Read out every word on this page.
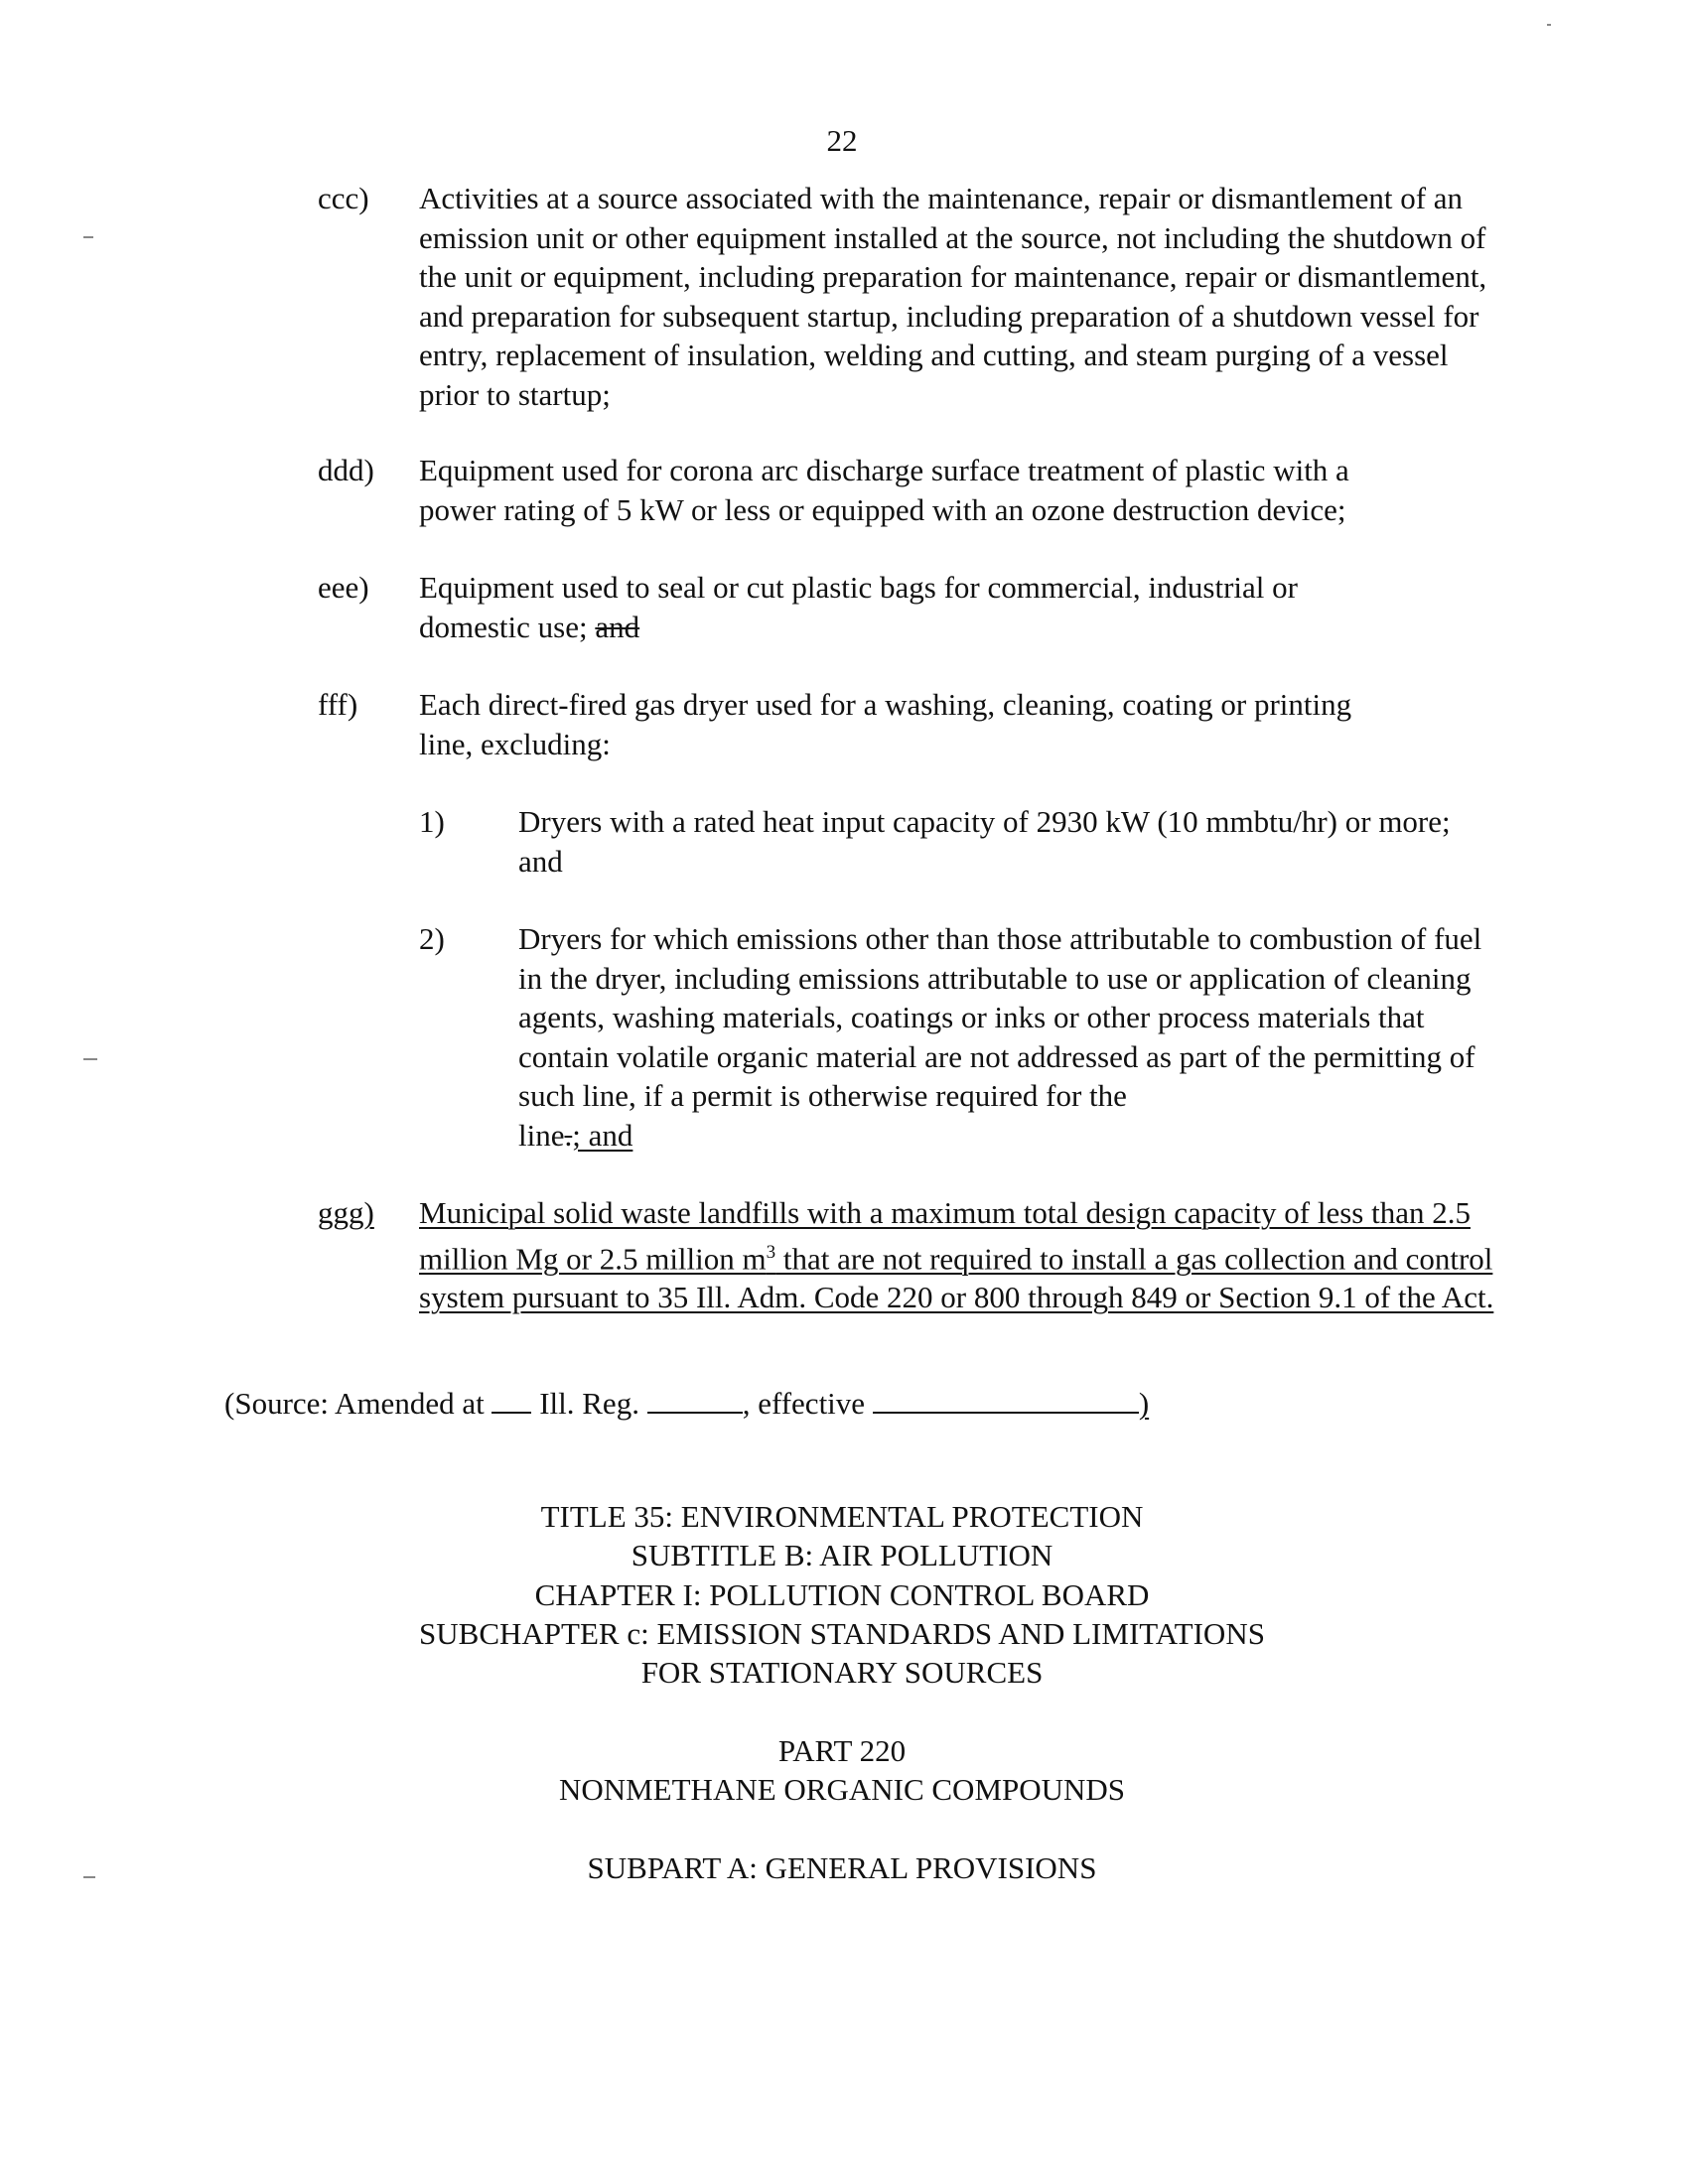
22
ccc) Activities at a source associated with the maintenance, repair or dismantlement of an emission unit or other equipment installed at the source, not including the shutdown of the unit or equipment, including preparation for maintenance, repair or dismantlement, and preparation for subsequent startup, including preparation of a shutdown vessel for entry, replacement of insulation, welding and cutting, and steam purging of a vessel prior to startup;
ddd) Equipment used for corona arc discharge surface treatment of plastic with a power rating of 5 kW or less or equipped with an ozone destruction device;
eee) Equipment used to seal or cut plastic bags for commercial, industrial or domestic use; and
fff) Each direct-fired gas dryer used for a washing, cleaning, coating or printing line, excluding:
1) Dryers with a rated heat input capacity of 2930 kW (10 mmbtu/hr) or more; and
2) Dryers for which emissions other than those attributable to combustion of fuel in the dryer, including emissions attributable to use or application of cleaning agents, washing materials, coatings or inks or other process materials that contain volatile organic material are not addressed as part of the permitting of such line, if a permit is otherwise required for the
line.; and
ggg) Municipal solid waste landfills with a maximum total design capacity of less than 2.5 million Mg or 2.5 million $m^3$ that are not required to install a gas collection and control system pursuant to 35 Ill. Adm. Code 220 or 800 through 849 or Section 9.1 of the Act.
(Source: Amended at Ill. Reg.	, effective	)
TITLE 35: ENVIRONMENTAL PROTECTION
SUBTITLE B: AIR POLLUTION
CHAPTER I: POLLUTION CONTROL BOARD
SUBCHAPTER c: EMISSION STANDARDS AND LIMITATIONS
FOR STATIONARY SOURCES
PART 220
NONMETHANE ORGANIC COMPOUNDS
SUBPART A: GENERAL PROVISIONS
